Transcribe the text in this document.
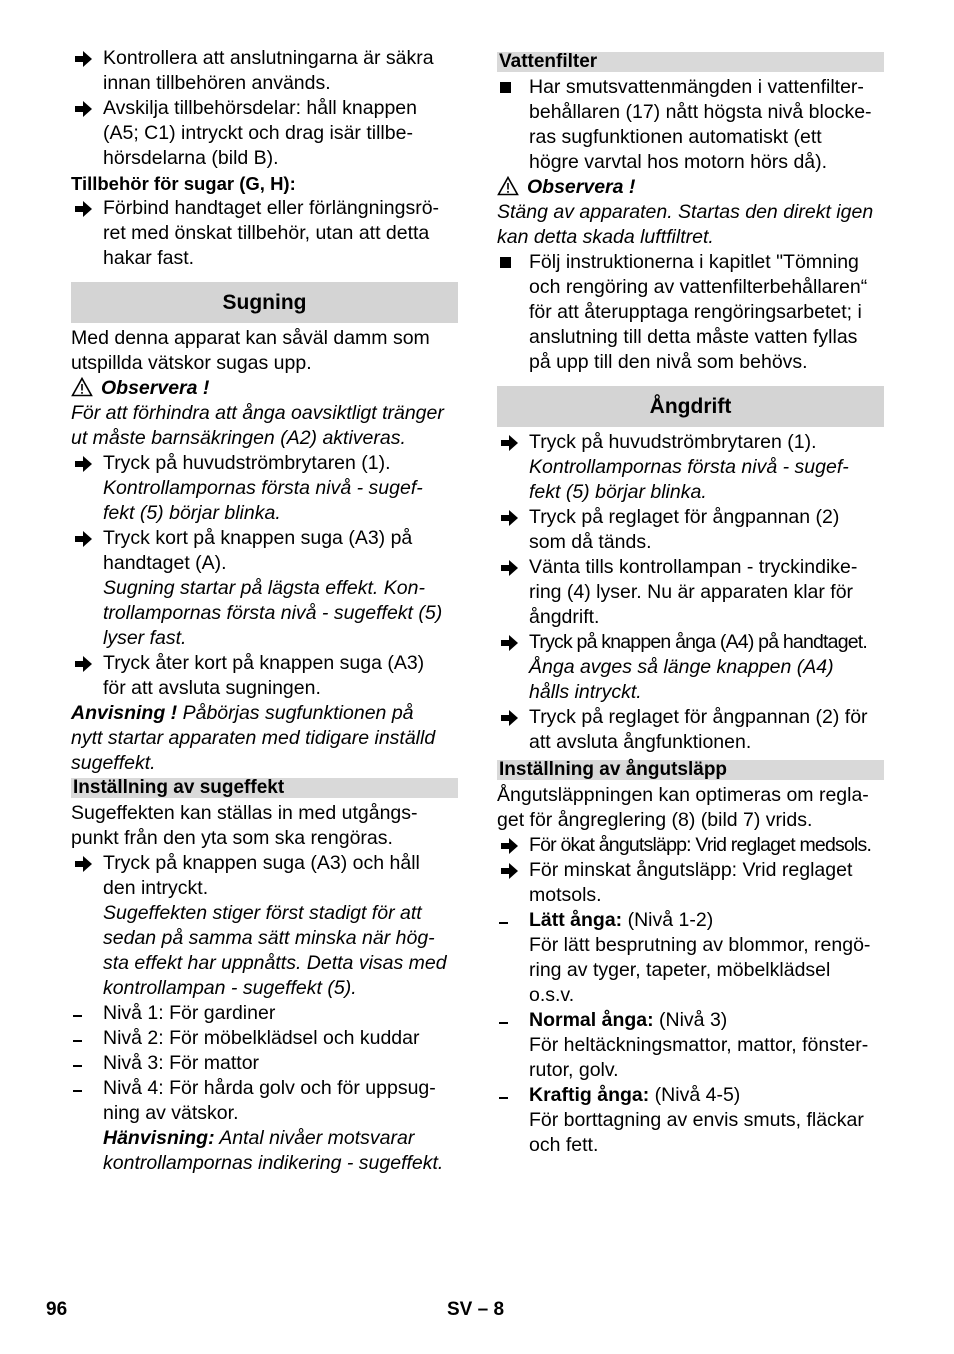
Kontrollera att anslutningarna är säkra
innan tillbehören används.
Avskilja tillbehörsdelar: håll knappen
(A5; C1) intryckt och drag isär tillbe-
hörsdelarna (bild B).
Tillbehör för sugar (G, H):
Förbind handtaget eller förlängningsrö-
ret med önskat tillbehör, utan att detta
hakar fast.
Sugning
Med denna apparat kan såväl damm som
utspillda vätskor sugas upp.
Observera !
För att förhindra att ånga oavsiktligt tränger
ut måste barnsäkringen (A2) aktiveras.
Tryck på huvudströmbrytaren (1).
Kontrollampornas första nivå - sugef-
fekt (5) börjar blinka.
Tryck kort på knappen suga (A3) på
handtaget (A).
Sugning startar på lägsta effekt. Kon-
trollampornas första nivå - sugeffekt (5)
lyser fast.
Tryck åter kort på knappen suga (A3)
för att avsluta sugningen.
Anvisning ! Påbörjas sugfunktionen på
nytt startar apparaten med tidigare inställd
sugeffekt.
Inställning av sugeffekt
Sugeffekten kan ställas in med utgångs-
punkt från den yta som ska rengöras.
Tryck på knappen suga (A3) och håll
den intryckt.
Sugeffekten stiger först stadigt för att
sedan på samma sätt minska när hög-
sta effekt har uppnåtts. Detta visas med
kontrollampan - sugeffekt (5).
Nivå 1: För gardiner
Nivå 2: För möbelklädsel och kuddar
Nivå 3: För mattor
Nivå 4: För hårda golv och för uppsug-
ning av vätskor.
Hänvisning: Antal nivåer motsvarar
kontrollampornas indikering - sugeffekt.
Vattenfilter
Har smutsvattenmängden i vattenfilter-
behållaren (17) nått högsta nivå blocke-
ras sugfunktionen automatiskt (ett
högre varvtal hos motorn hörs då).
Observera !
Stäng av apparaten. Startas den direkt igen
kan detta skada luftfiltret.
Följ instruktionerna i kapitlet "Tömning
och rengöring av vattenfilterbehållaren“
för att återupptaga rengöringsarbetet; i
anslutning till detta måste vatten fyllas
på upp till den nivå som behövs.
Ångdrift
Tryck på huvudströmbrytaren (1).
Kontrollampornas första nivå - sugef-
fekt (5) börjar blinka.
Tryck på reglaget för ångpannan (2)
som då tänds.
Vänta tills kontrollampan - tryckindike-
ring (4) lyser. Nu är apparaten klar för
ångdrift.
Tryck på knappen ånga (A4) på handtaget.
Ånga avges så länge knappen (A4)
hålls intryckt.
Tryck på reglaget för ångpannan (2) för
att avsluta ångfunktionen.
Inställning av ångutsläpp
Ångutsläppningen kan optimeras om regla-
get för ångreglering (8) (bild 7) vrids.
För ökat ångutsläpp: Vrid reglaget medsols.
För minskat ångutsläpp: Vrid reglaget
motsols.
Lätt ånga: (Nivå 1-2)
För lätt besprutning av blommor, rengö-
ring av tyger, tapeter, möbelklädsel
o.s.v.
Normal ånga: (Nivå 3)
För heltäckningsmattor, mattor, fönster-
rutor, golv.
Kraftig ånga: (Nivå 4-5)
För borttagning av envis smuts, fläckar
och fett.
96	SV – 8
